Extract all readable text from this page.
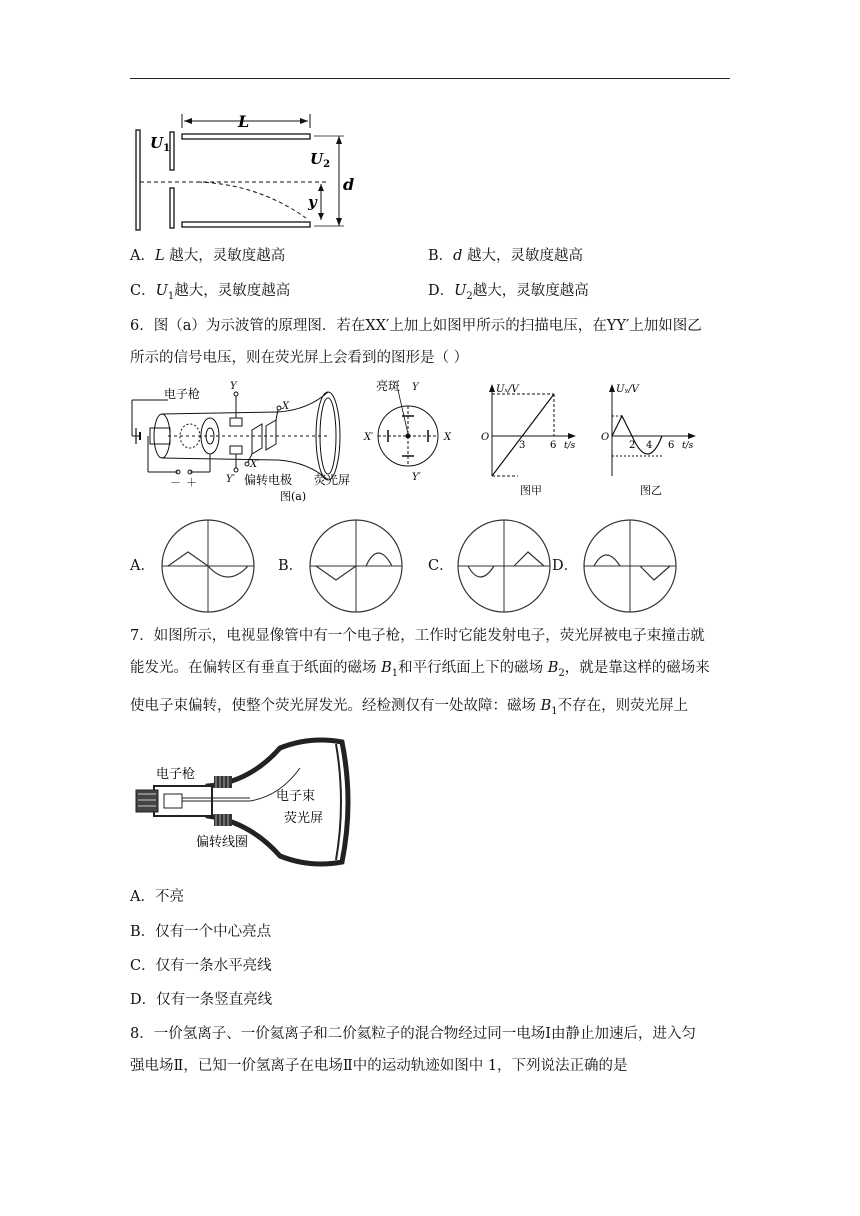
L
$U_1$
$U_2$
d
y
A．L 越大，灵敏度越高	B．d 越大，灵敏度越高
C．$U_1$越大，灵敏度越高	D．$U_2$越大，灵敏度越高
6．图（a）为示波管的原理图．若在XX′上加上如图甲所示的扫描电压，在YY′上加如图乙
所示的信号电压，则在荧光屏上会看到的图形是（ ）
电子枪
Y
Y′
X
X′
－ ＋	偏转电极 荧光屏
图(a)
亮斑 Y
X′	X
Y′
Uₓ/V
O
3 6 t/s
图甲
Uᵧ/V
O
2 4 6 t/s
图乙
A．	B．	C．	D．
7．如图所示，电视显像管中有一个电子枪，工作时它能发射电子，荧光屏被电子束撞击就
能发光。在偏转区有垂直于纸面的磁场 $B_1$和平行纸面上下的磁场 $B_2$，就是靠这样的磁场来
使电子束偏转，使整个荧光屏发光。经检测仅有一处故障：磁场 $B_1$不存在，则荧光屏上
电子枪
电子束
荧光屏
偏转线圈
A．不亮
B．仅有一个中心亮点
C．仅有一条水平亮线
D．仅有一条竖直亮线
8．一价氢离子、一价氦离子和二价氦粒子的混合物经过同一电场Ⅰ由静止加速后，进入匀
强电场Ⅱ，已知一价氢离子在电场Ⅱ中的运动轨迹如图中 1，下列说法正确的是
